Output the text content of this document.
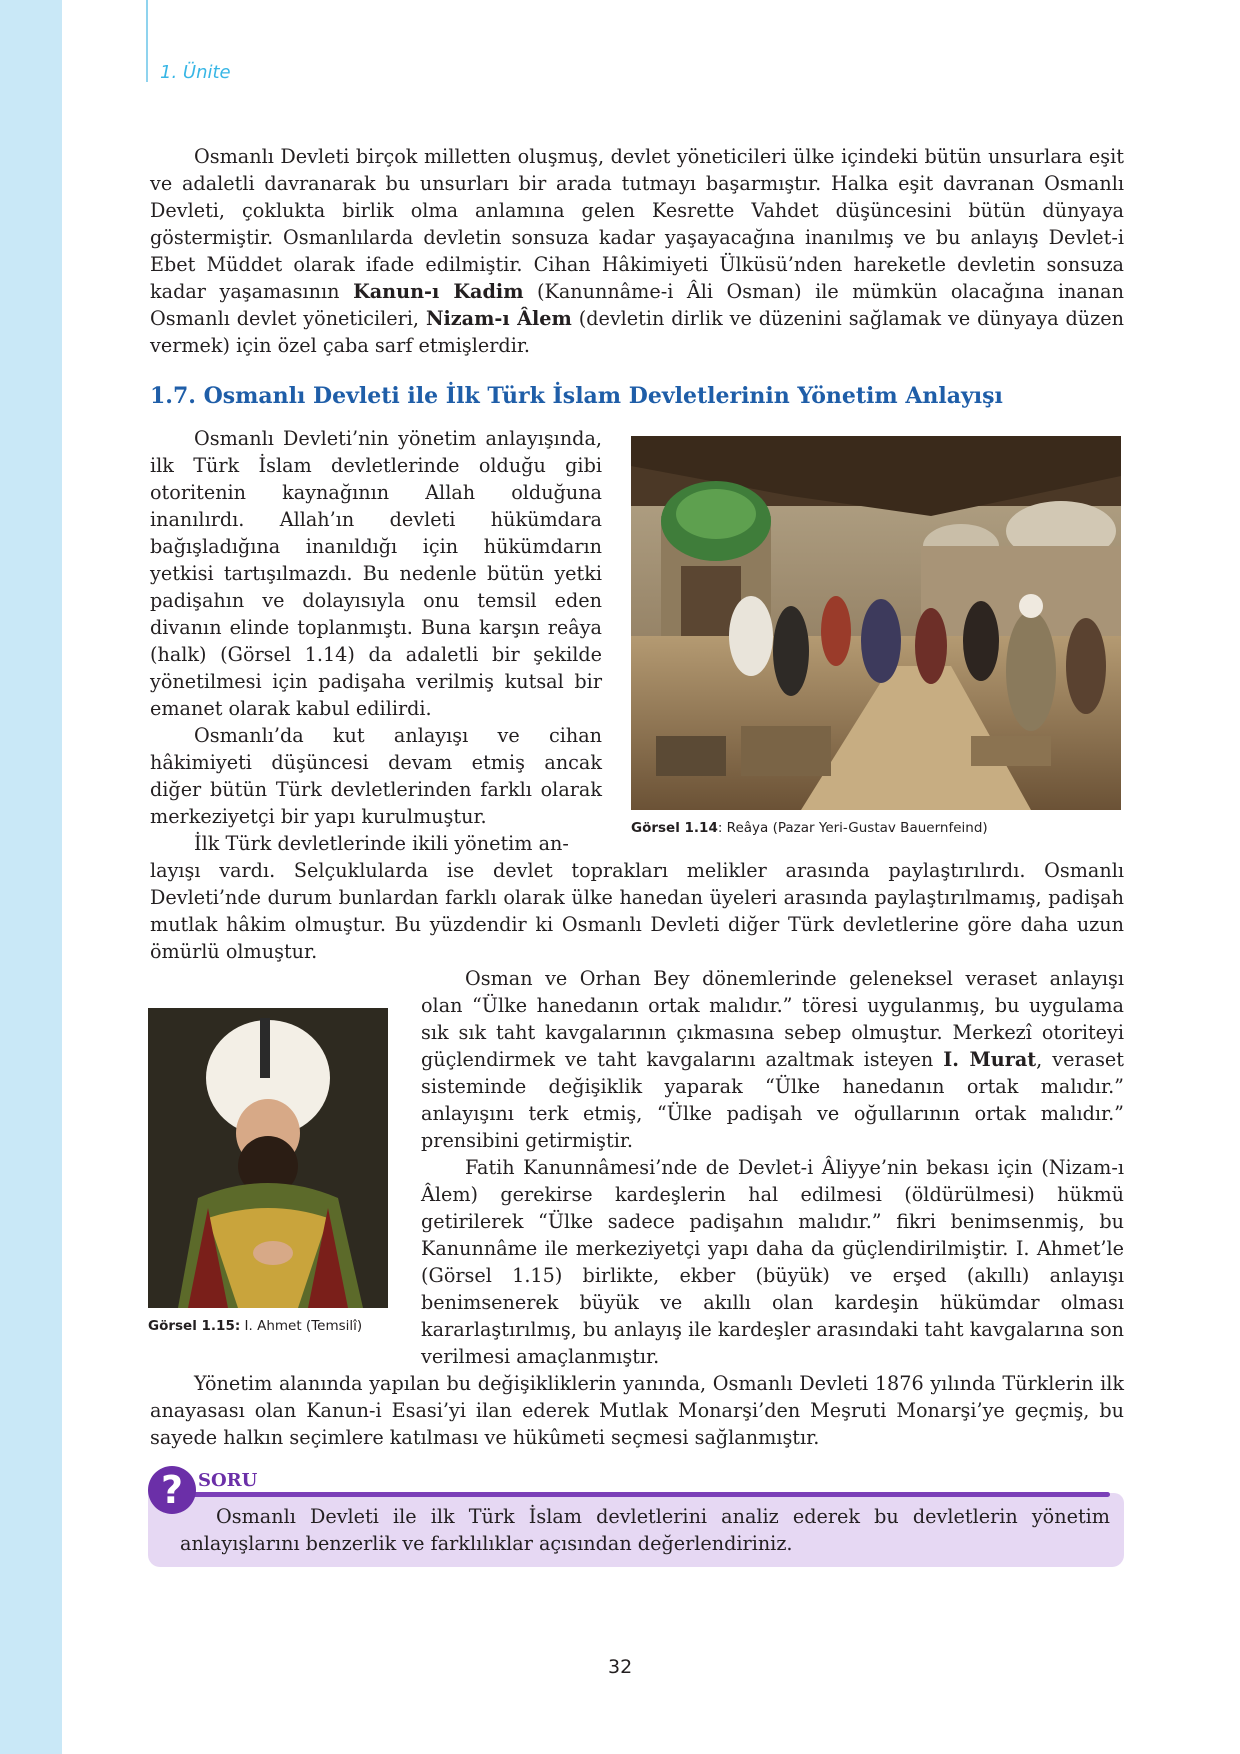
1. Ünite

Osmanlı Devleti birçok milletten oluşmuş, devlet yöneticileri ülke içindeki bütün unsurlara eşit ve adaletli davranarak bu unsurları bir arada tutmayı başarmıştır. Halka eşit davranan Osmanlı Devleti, çoklukta birlik olma anlamına gelen Kesrette Vahdet düşüncesini bütün dünyaya göstermiştir. Osmanlılarda devletin sonsuza kadar yaşayacağına inanılmış ve bu anlayış Devlet-i Ebet Müddet olarak ifade edilmiştir. Cihan Hâkimiyeti Ülküsü’nden hareketle devletin sonsuza kadar yaşamasının Kanun-ı Kadim (Kanunnâme-i Âli Osman) ile mümkün olacağına inanan Osmanlı devlet yöneticileri, Nizam-ı Âlem (devletin dirlik ve düzenini sağlamak ve dünyaya düzen vermek) için özel çaba sarf etmişlerdir.

1.7. Osmanlı Devleti ile İlk Türk İslam Devletlerinin Yönetim Anlayışı

Osmanlı Devleti’nin yönetim anlayışında, ilk Türk İslam devletlerinde olduğu gibi otoritenin kaynağının Allah olduğuna inanılırdı. Allah’ın devleti hükümdara bağışladığına inanıldığı için hükümdarın yetkisi tartışılmazdı. Bu nedenle bütün yetki padişahın ve dolayısıyla onu temsil eden divanın elinde toplanmıştı. Buna karşın reâya (halk) (Görsel 1.14) da adaletli bir şekilde yönetilmesi için padişaha verilmiş kutsal bir emanet olarak kabul edilirdi.

Osmanlı’da kut anlayışı ve cihan hâkimiyeti düşüncesi devam etmiş ancak diğer bütün Türk devletlerinden farklı olarak merkeziyetçi bir yapı kurulmuştur.

İlk Türk devletlerinde ikili yönetim an-

layışı vardı. Selçuklularda ise devlet toprakları melikler arasında paylaştırılırdı. Osmanlı Devleti’nde durum bunlardan farklı olarak ülke hanedan üyeleri arasında paylaştırılmamış, padişah mutlak hâkim olmuştur. Bu yüzdendir ki Osmanlı Devleti diğer Türk devletlerine göre daha uzun ömürlü olmuştur.

Görsel 1.14: Reâya (Pazar Yeri-Gustav Bauernfeind)
Görsel 1.15: I. Ahmet (Temsilî)

Osman ve Orhan Bey dönemlerinde geleneksel veraset anlayışı olan “Ülke hanedanın ortak malıdır.” töresi uygulanmış, bu uygulama sık sık taht kavgalarının çıkmasına sebep olmuştur. Merkezî otoriteyi güçlendirmek ve taht kavgalarını azaltmak isteyen I. Murat, veraset sisteminde değişiklik yaparak “Ülke hanedanın ortak malıdır.” anlayışını terk etmiş, “Ülke padişah ve oğullarının ortak malıdır.” prensibini getirmiştir.

Fatih Kanunnâmesi’nde de Devlet-i Âliyye’nin bekası için (Nizam-ı Âlem) gerekirse kardeşlerin hal edilmesi (öldürülmesi) hükmü getirilerek “Ülke sadece padişahın malıdır.” fikri benimsenmiş, bu Kanunnâme ile merkeziyetçi yapı daha da güçlendirilmiştir. I. Ahmet’le (Görsel 1.15) birlikte, ekber (büyük) ve erşed (akıllı) anlayışı benimsenerek büyük ve akıllı olan kardeşin hükümdar olması kararlaştırılmış, bu anlayış ile kardeşler arasındaki taht kavgalarına son verilmesi amaçlanmıştır.

Yönetim alanında yapılan bu değişikliklerin yanında, Osmanlı Devleti 1876 yılında Türklerin ilk anayasası olan Kanun-i Esasi’yi ilan ederek Mutlak Monarşi’den Meşruti Monarşi’ye geçmiş, bu sayede halkın seçimlere katılması ve hükûmeti seçmesi sağlanmıştır.

? SORU

Osmanlı Devleti ile ilk Türk İslam devletlerini analiz ederek bu devletlerin yönetim anlayışlarını benzerlik ve farklılıklar açısından değerlendiriniz.

32
